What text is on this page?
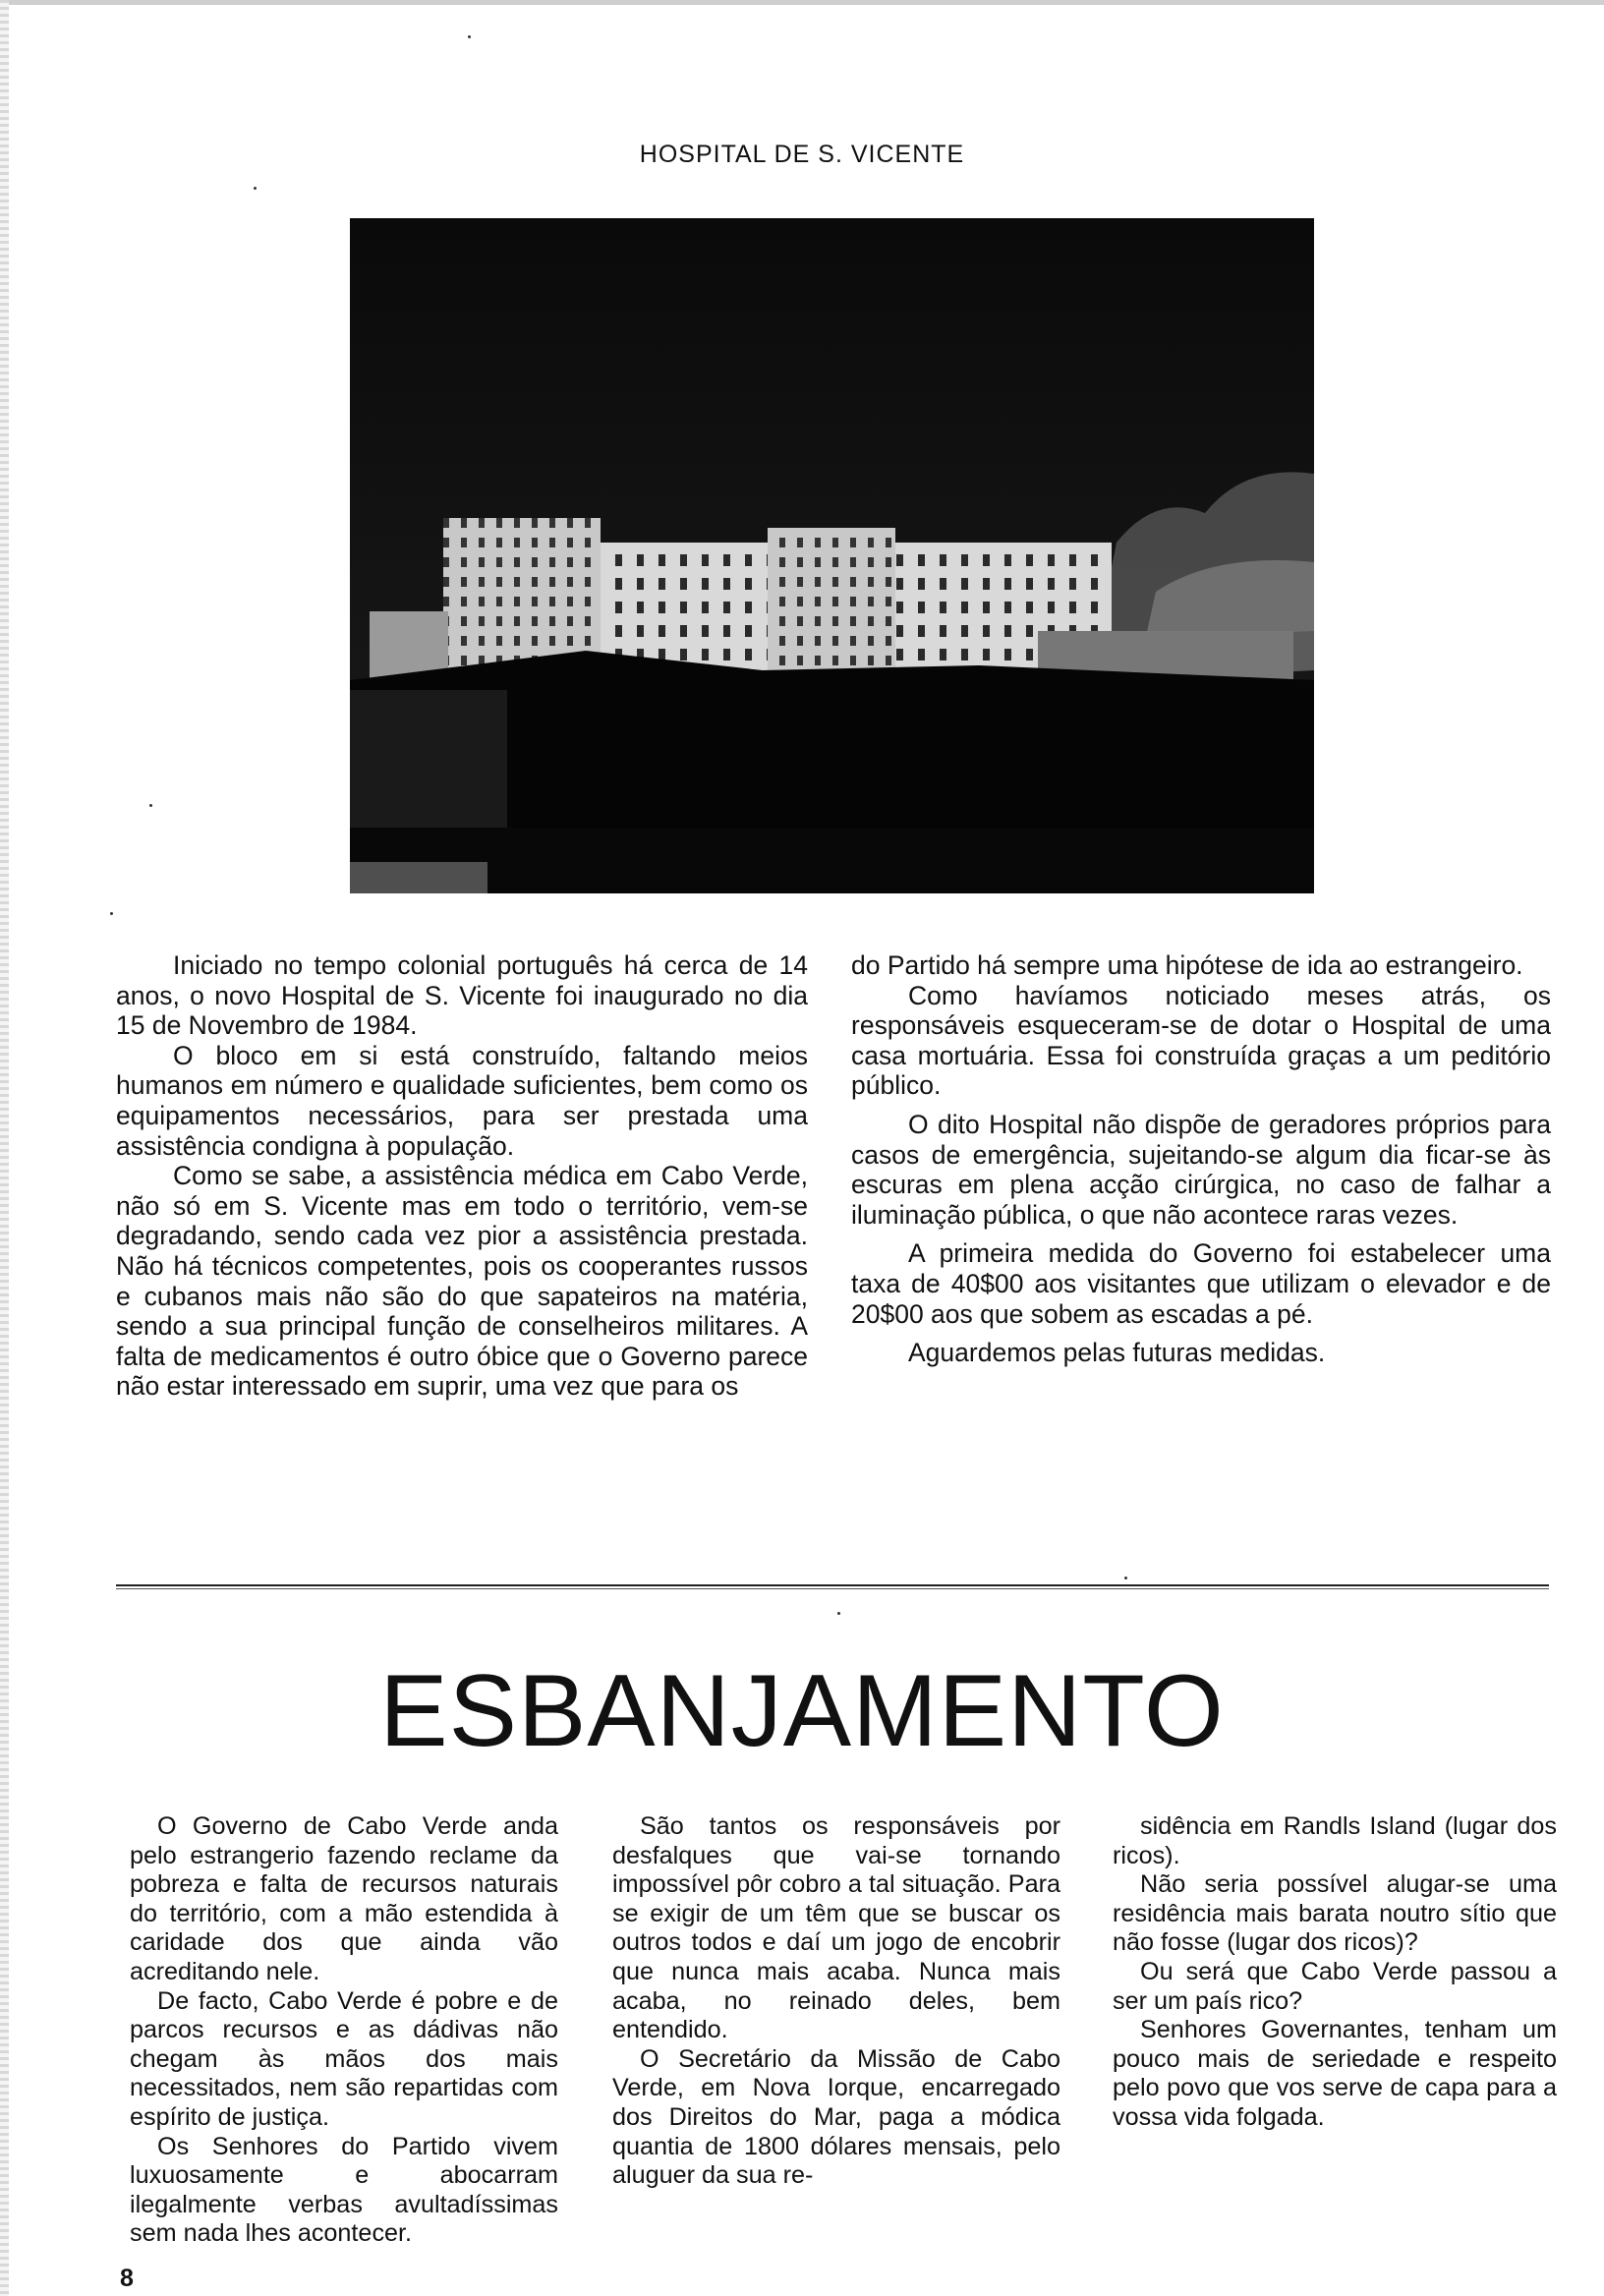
HOSPITAL DE S. VICENTE

Iniciado no tempo colonial português há cerca de 14 anos, o novo Hospital de S. Vicente foi inaugurado no dia 15 de Novembro de 1984.

O bloco em si está construído, faltando meios humanos em número e qualidade suficientes, bem como os equipamentos necessários, para ser prestada uma assistência condigna à população.

Como se sabe, a assistência médica em Cabo Verde, não só em S. Vicente mas em todo o território, vem-se degradando, sendo cada vez pior a assistência prestada. Não há técnicos competentes, pois os cooperantes russos e cubanos mais não são do que sapateiros na matéria, sendo a sua principal função de conselheiros militares. A falta de medicamentos é outro óbice que o Governo parece não estar interessado em suprir, uma vez que para os

do Partido há sempre uma hipótese de ida ao estrangeiro.

Como havíamos noticiado meses atrás, os responsáveis esqueceram-se de dotar o Hospital de uma casa mortuária. Essa foi construída graças a um peditório público.

O dito Hospital não dispõe de geradores próprios para casos de emergência, sujeitando-se algum dia ficar-se às escuras em plena acção cirúrgica, no caso de falhar a iluminação pública, o que não acontece raras vezes.

A primeira medida do Governo foi estabelecer uma taxa de 40$00 aos visitantes que utilizam o elevador e de 20$00 aos que sobem as escadas a pé.

Aguardemos pelas futuras medidas.

ESBANJAMENTO

O Governo de Cabo Verde anda pelo estrangerio fazendo reclame da pobreza e falta de recursos naturais do território, com a mão estendida à caridade dos que ainda vão acreditando nele.

De facto, Cabo Verde é pobre e de parcos recursos e as dádivas não chegam às mãos dos mais necessitados, nem são repartidas com espírito de justiça.

Os Senhores do Partido vivem luxuosamente e abocarram ilegalmente verbas avultadíssimas sem nada lhes acontecer.

São tantos os responsáveis por desfalques que vai-se tornando impossível pôr cobro a tal situação. Para se exigir de um têm que se buscar os outros todos e daí um jogo de encobrir que nunca mais acaba. Nunca mais acaba, no reinado deles, bem entendido.

O Secretário da Missão de Cabo Verde, em Nova Iorque, encarregado dos Direitos do Mar, paga a módica quantia de 1800 dólares mensais, pelo aluguer da sua re-

sidência em Randls Island (lugar dos ricos).

Não seria possível alugar-se uma residência mais barata noutro sítio que não fosse (lugar dos ricos)?

Ou será que Cabo Verde passou a ser um país rico?

Senhores Governantes, tenham um pouco mais de seriedade e respeito pelo povo que vos serve de capa para a vossa vida folgada.

8
